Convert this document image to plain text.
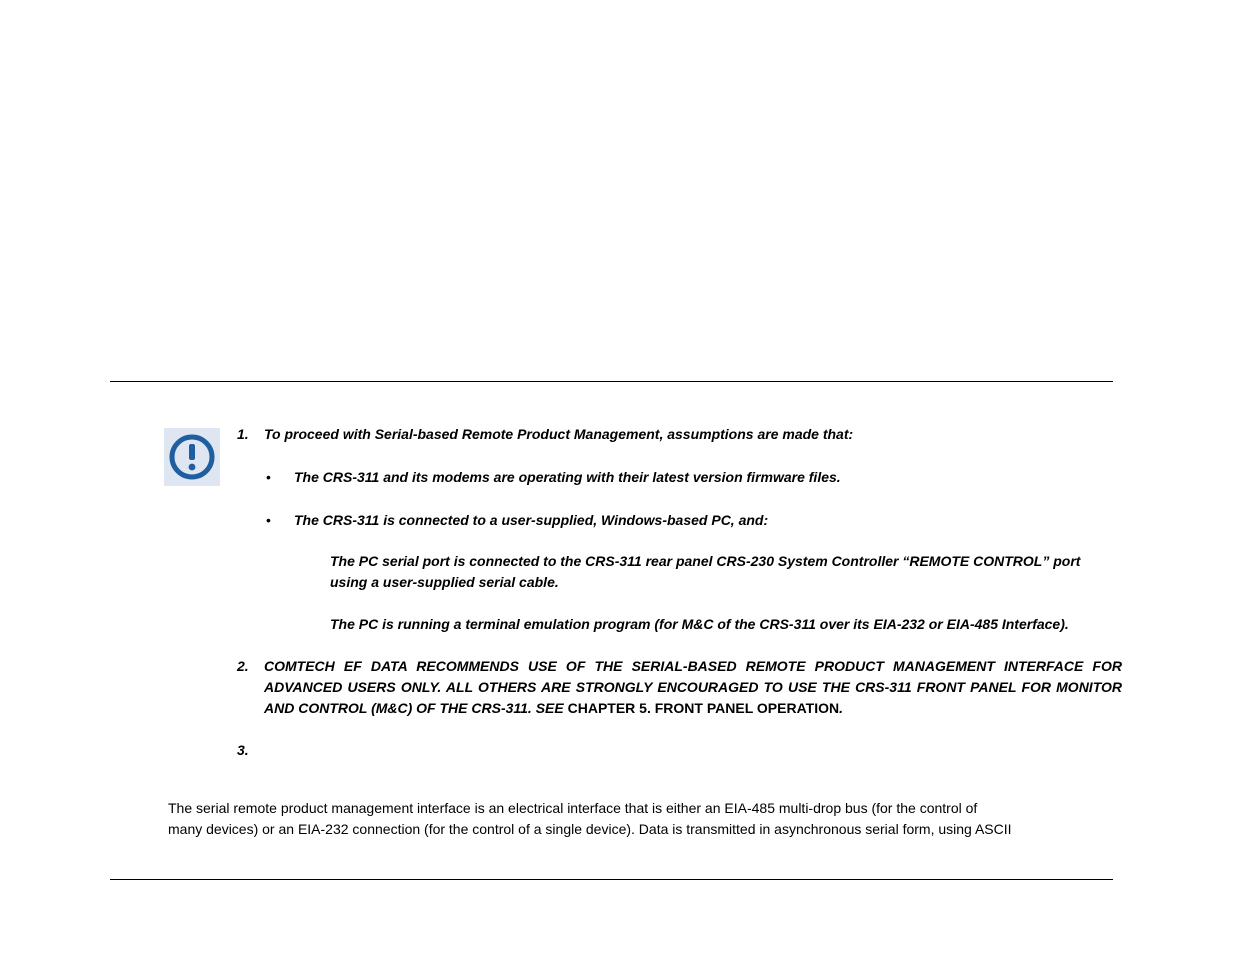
1. To proceed with Serial-based Remote Product Management, assumptions are made that:
• The CRS-311 and its modems are operating with their latest version firmware files.
• The CRS-311 is connected to a user-supplied, Windows-based PC, and:
The PC serial port is connected to the CRS-311 rear panel CRS-230 System Controller “REMOTE CONTROL” port
using a user-supplied serial cable.
The PC is running a terminal emulation program (for M&C of the CRS-311 over its EIA-232 or EIA-485 Interface).
2. COMTECH EF DATA RECOMMENDS USE OF THE SERIAL-BASED REMOTE PRODUCT MANAGEMENT INTERFACE FOR
ADVANCED USERS ONLY. ALL OTHERS ARE STRONGLY ENCOURAGED TO USE THE CRS-311 FRONT PANEL FOR MONITOR
AND CONTROL (M&C) OF THE CRS-311. SEE CHAPTER 5. FRONT PANEL OPERATION.
3.
The serial remote product management interface is an electrical interface that is either an EIA-485 multi-drop bus (for the control of
many devices) or an EIA-232 connection (for the control of a single device). Data is transmitted in asynchronous serial form, using ASCII
